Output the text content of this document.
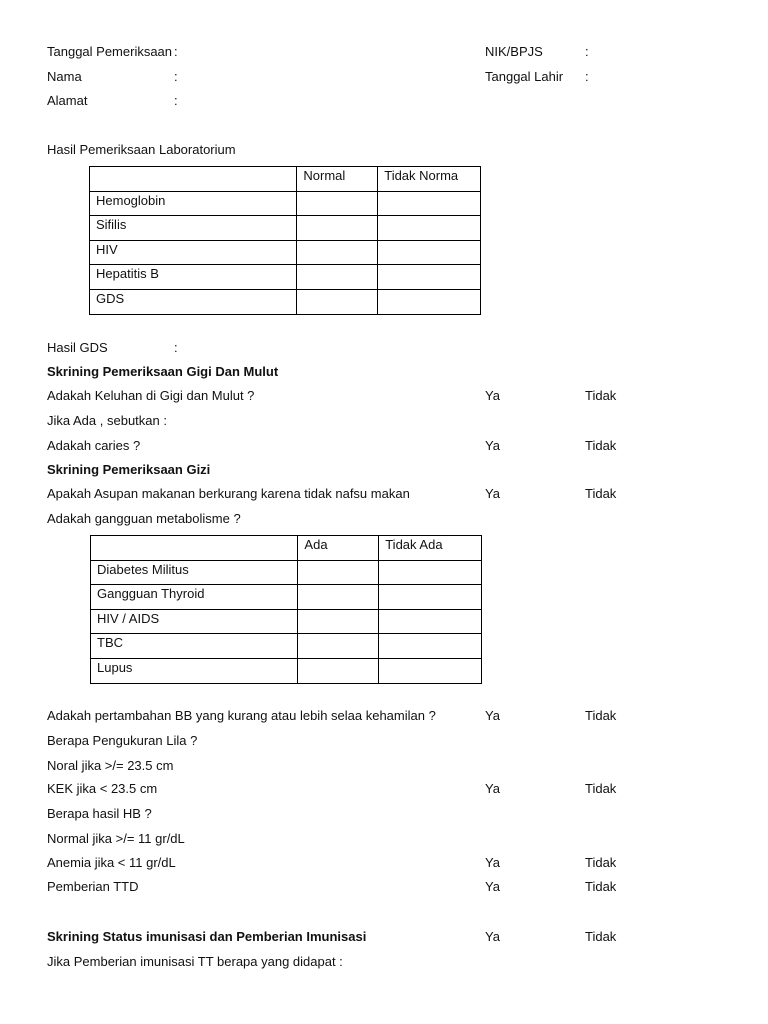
Tanggal Pemeriksaan :
Nama	:
Alamat	:
NIK/BPJS	:
Tanggal Lahir :
Hasil Pemeriksaan Laboratorium
	Normal	Tidak Norma
Hemoglobin		
Sifilis		
HIV		
Hepatitis B		
GDS		
Hasil GDS	:
Skrining Pemeriksaan Gigi Dan Mulut
Adakah Keluhan di Gigi dan Mulut ?	Ya	Tidak
Jika Ada , sebutkan :
Adakah caries ?	Ya	Tidak
Skrining Pemeriksaan Gizi
Apakah Asupan makanan berkurang karena tidak nafsu makan	Ya	Tidak
Adakah gangguan metabolisme ?
	Ada	Tidak Ada
Diabetes Militus		
Gangguan Thyroid		
HIV / AIDS		
TBC		
Lupus		
Adakah pertambahan BB yang kurang atau lebih selaa kehamilan ?	Ya	Tidak
Berapa Pengukuran Lila ?
Noral jika >/= 23.5 cm
KEK jika < 23.5 cm	Ya	Tidak
Berapa hasil HB ?
Normal jika >/= 11 gr/dL
Anemia jika < 11 gr/dL	Ya	Tidak
Pemberian TTD	Ya	Tidak
Skrining Status imunisasi dan Pemberian Imunisasi	Ya	Tidak
Jika Pemberian imunisasi TT berapa yang didapat :
